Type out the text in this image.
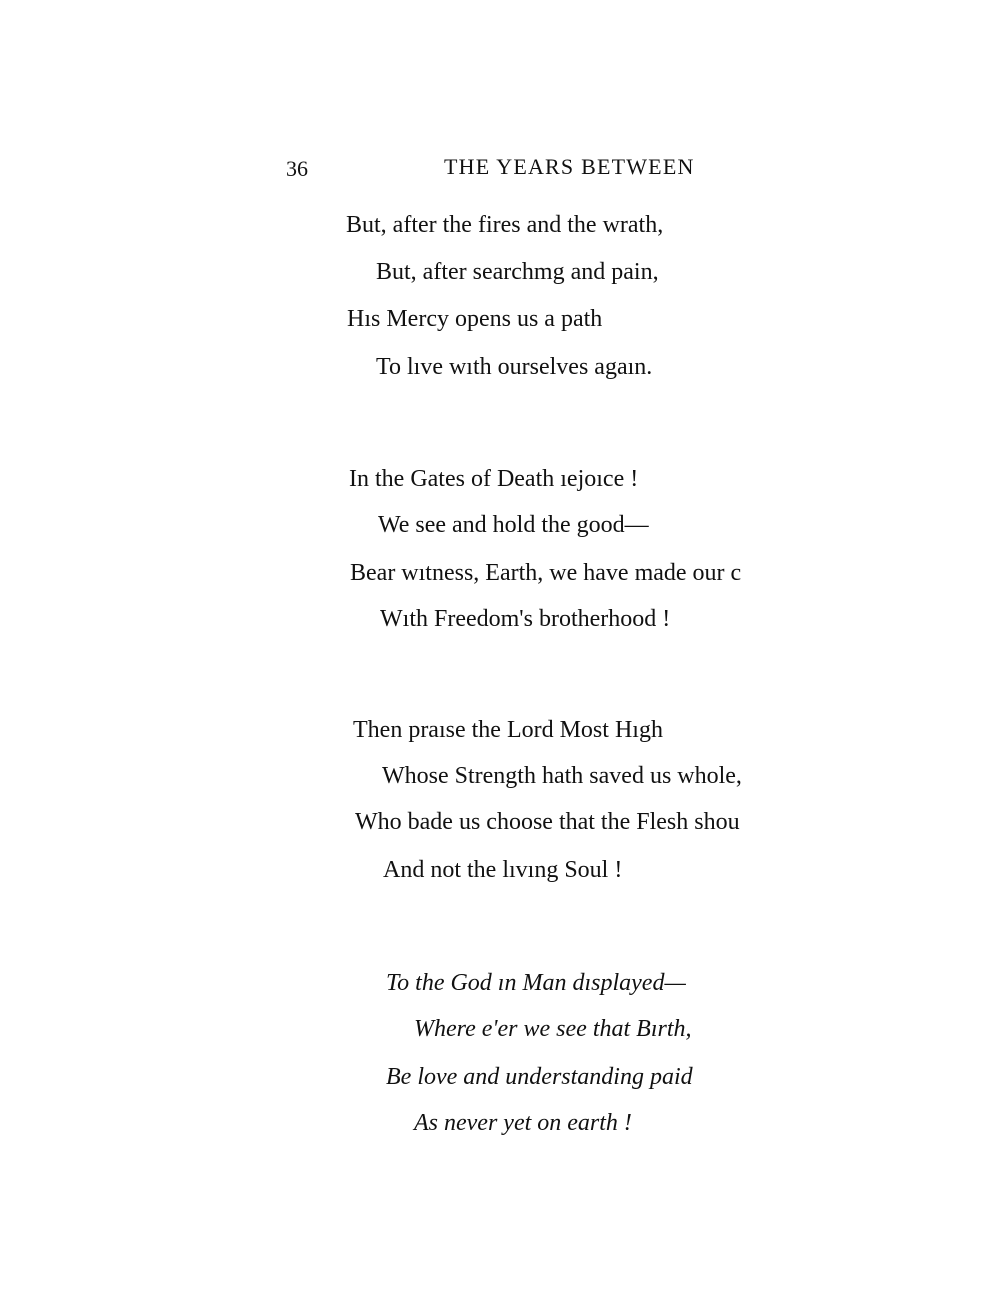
36	THE YEARS BETWEEN
But, after the fires and the wrath,
But, after searchmg and pain,
Hıs Mercy opens us a path
To lıve wıth ourselves agaın.
In the Gates of Death ıejoıce !
We see and hold the good—
Bear wıtness, Earth, we have made our c
Wıth Freedom's brotherhood !
Then praıse the Lord Most Hıgh
Whose Strength hath saved us whole,
Who bade us choose that the Flesh shou
And not the lıvıng Soul !
To the God ın Man dısplayed—
Where e'er we see that Bırth,
Be love and understanding paid
As never yet on earth !
